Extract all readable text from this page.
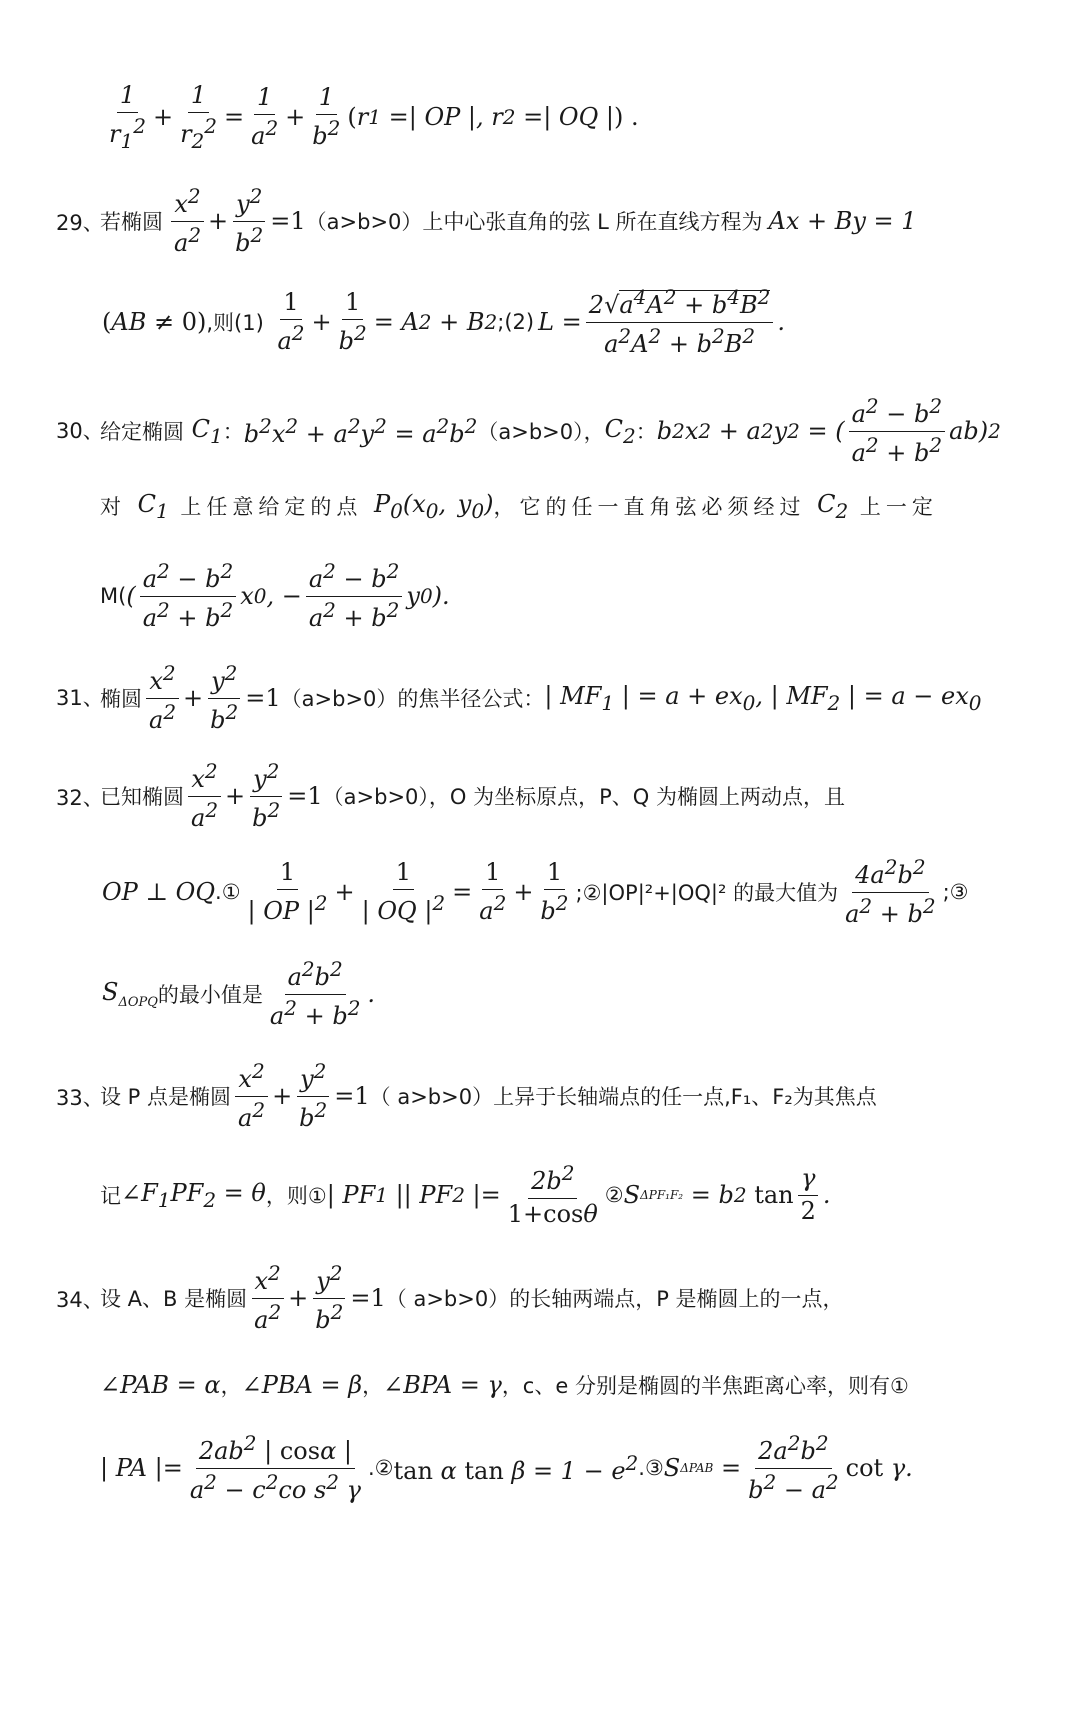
$\frac{1}{r_1^2} + \frac{1}{r_2^2} = \frac{1}{a^2} + \frac{1}{b^2}$ ( r 1 =| OP |, r 2 =| OQ | ) .
29、
若椭圆 $\frac{x^2}{a^2} + \frac{y^2}{b^2} =1$ （a>b>0） 上中心张直角的弦 L 所在直线方程为 Ax + By = 1
( AB ≠ 0) ,则$(1) \frac{1}{a^2} + \frac{1}{b^2} = A$ 2 + B 2 ;(2) $L = \frac{2√a^4A^2 + b^4B^2}{a^2A^2 + b^2B^2}$ .
30、
给定椭圆 $C_1$ ： $b^2x^2 + a^2y^2 = a^2b^2$ （a>b>0）， $C_2$ ： b 2 x 2 + a 2 y 2 = ( $\frac{a^2 - b^2}{a^2 + b^2} ab$) 2
对 $C_1$ 上任意给定的点 $P_0(x_0$, $y_0$) ，它的任一直角弦必须经过 $C_2$ 上一定
M( ( $\frac{a^2 - b^2}{a^2 + b^2}$ x 0 , − $\frac{a^2 - b^2}{a^2 + b^2}$ y 0 ).
31、
椭圆 $\frac{x^2}{a^2} + \frac{y^2}{b^2} =1$ （a>b>0）的焦半径公式： | $MF_1$ | = $a + ex_0$, | $MF_2$ | = $a - ex_0$
32、
已知椭圆 $\frac{x^2}{a^2} + \frac{y^2}{b^2} =1$ （a>b>0），O 为坐标原点，P、Q 为椭圆上两动点，且
OP ⊥ OQ .① $\frac{1}{| OP |^2} + \frac{1}{| OQ |^2} = \frac{1}{a^2} + \frac{1}{b^2}$ ;②|OP|²+|OQ|² 的最大值为 $\frac{4a^2b^2}{a^2 + b^2}$ ;③
$S_{\Delta OPQ}$ 的最小值是 $\frac{a^2b^2}{a^2 + b^2}$ .
33、
设 P 点是椭圆 $\frac{x^2}{a^2} + \frac{y^2}{b^2} =1$ （ a>b>0）上异于长轴端点的任一点,F₁、F₂为其焦点
记 $\angle F_1PF_2 = \theta$ ，则① | PF 1 || PF 2 |= $\frac{2b^2}{1+\cos\theta}$ ② S ΔPF₁F₂ = b 2
$\tan \frac{\gamma}{2}$ .
34、
设 A、B 是椭圆 $\frac{x^2}{a^2} + \frac{y^2}{b^2} =1$ （ a>b>0）的长轴两端点，P 是椭圆上的一点，
∠PAB = α ， ∠PBA = β ， ∠BPA = γ ，c、e 分别是椭圆的半焦距离心率，则有①
| PA |= $\frac{2ab^2 | \cos\alpha |}{a^2 - c^2co s^2 \gamma}$ .② tan α $\tan \beta = 1 - e^2$ .③ S $\Delta PAB = \frac{2a^2b^2}{b^2 - a^2}$ cot γ.
